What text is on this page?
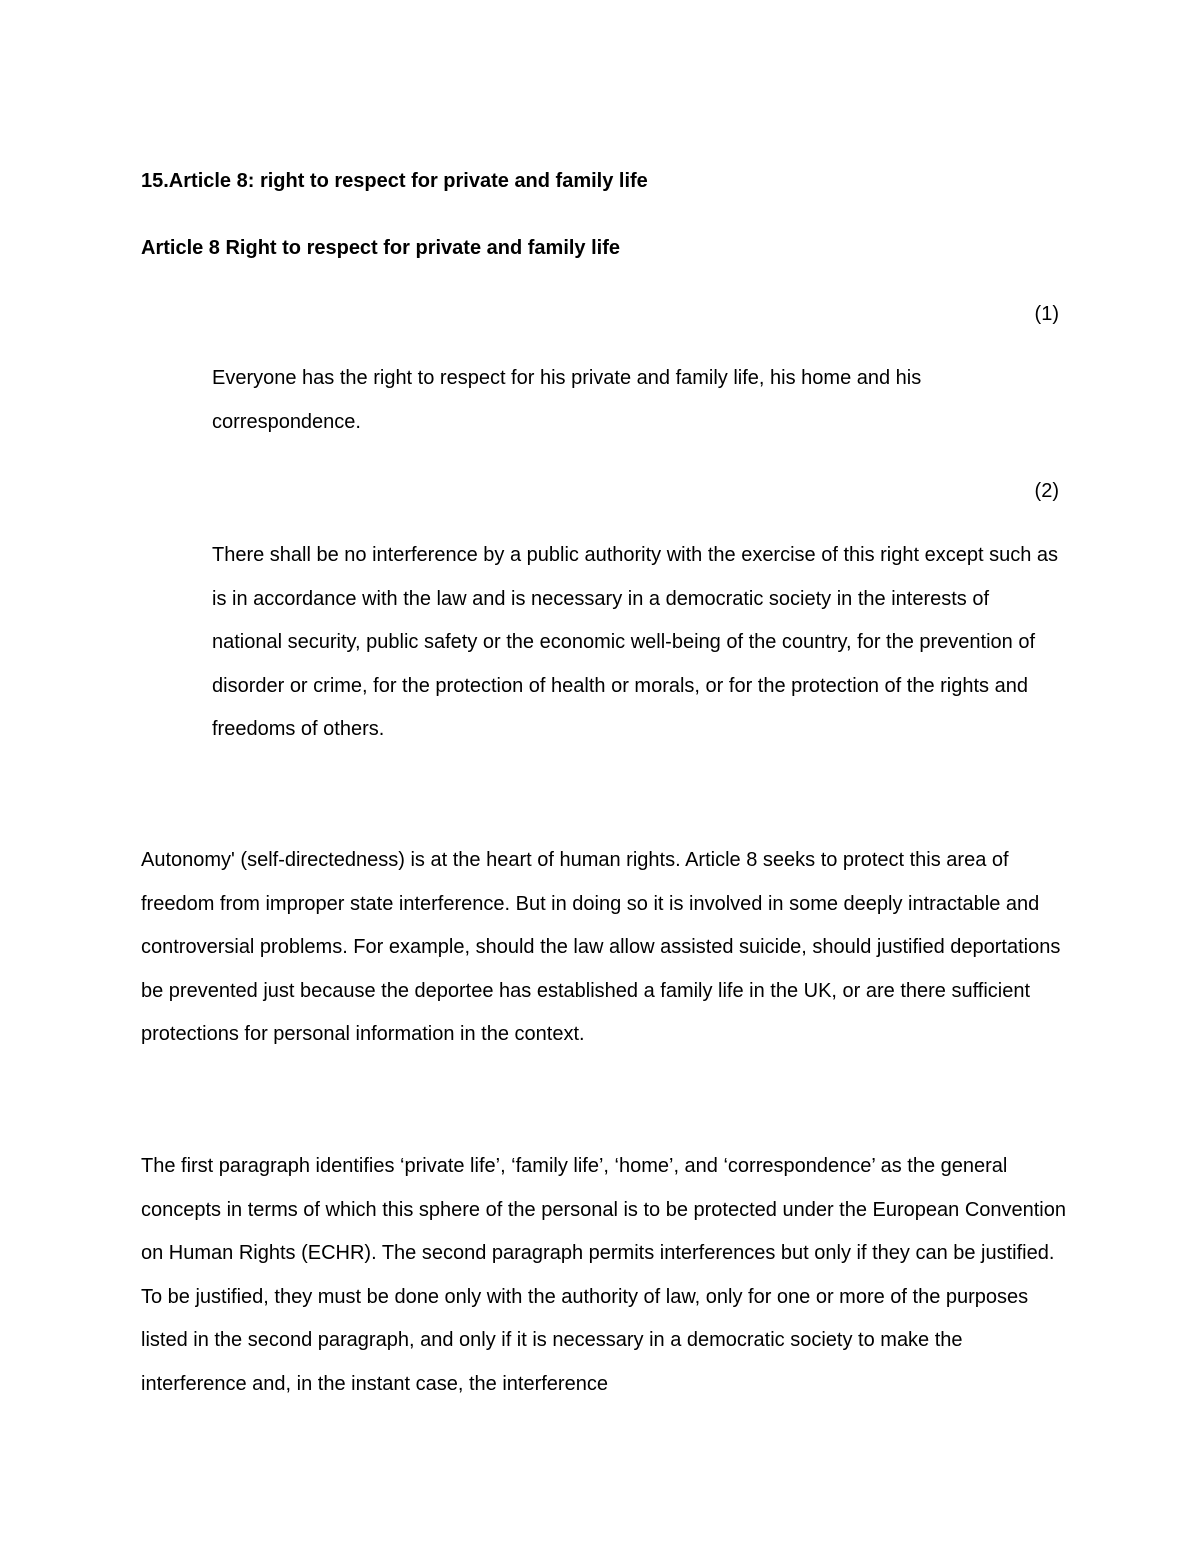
15.Article 8: right to respect for private and family life
Article 8 Right to respect for private and family life
(1)

Everyone has the right to respect for his private and family life, his home and his correspondence.

(2)

There shall be no interference by a public authority with the exercise of this right except such as is in accordance with the law and is necessary in a democratic society in the interests of national security, public safety or the economic well-being of the country, for the prevention of disorder or crime, for the protection of health or morals, or for the protection of the rights and freedoms of others.

Autonomy' (self-directedness) is at the heart of human rights. Article 8 seeks to protect this area of freedom from improper state interference. But in doing so it is involved in some deeply intractable and controversial problems. For example, should the law allow assisted suicide, should justified deportations be prevented just because the deportee has established a family life in the UK, or are there sufficient protections for personal information in the context.

The first paragraph identifies ‘private life’, ‘family life’, ‘home’, and ‘correspondence’ as the general concepts in terms of which this sphere of the personal is to be protected under the European Convention on Human Rights (ECHR). The second paragraph permits interferences but only if they can be justified. To be justified, they must be done only with the authority of law, only for one or more of the purposes listed in the second paragraph, and only if it is necessary in a democratic society to make the interference and, in the instant case, the interference
